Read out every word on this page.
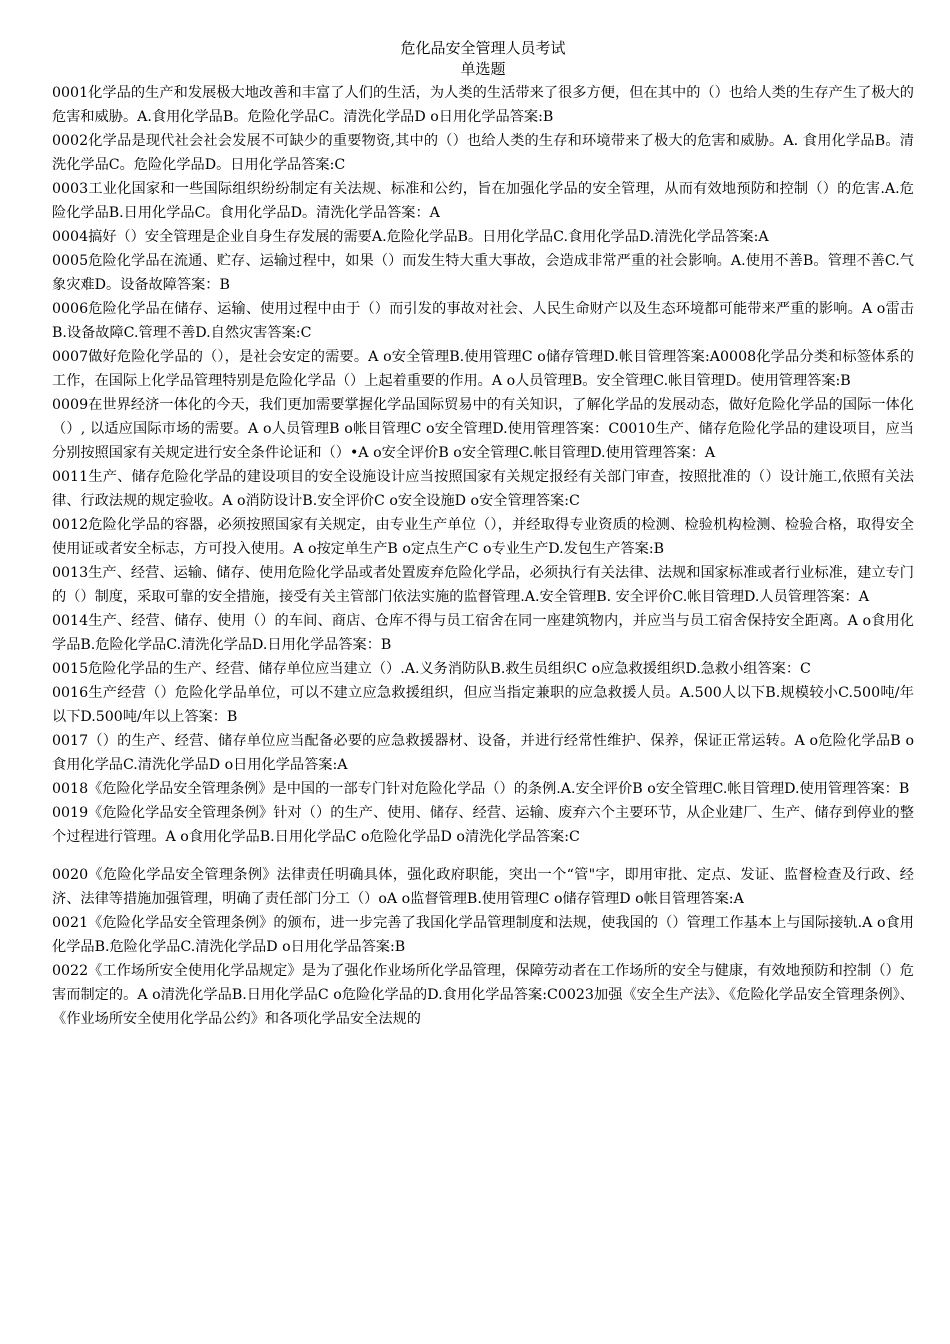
危化品安全管理人员考试

单选题

0001化学品的生产和发展极大地改善和丰富了人们的生活，为人类的生活带来了很多方便，但在其中的（）也给人类的生存产生了极大的危害和威胁。A.食用化学品B。危险化学品C。清洗化学品D o日用化学品答案:B

0002化学品是现代社会社会发展不可缺少的重要物资,其中的（）也给人类的生存和环境带来了极大的危害和威胁。A. 食用化学品B。清洗化学品C。危险化学品D。日用化学品答案:C

0003工业化国家和一些国际组织纷纷制定有关法规、标准和公约，旨在加强化学品的安全管理，从而有效地预防和控制（）的危害.A.危险化学品B.日用化学品C。食用化学品D。清洗化学品答案：A

0004搞好（）安全管理是企业自身生存发展的需要A.危险化学品B。日用化学品C.食用化学品D.清洗化学品答案:A

0005危险化学品在流通、贮存、运输过程中，如果（）而发生特大重大事故，会造成非常严重的社会影响。A.使用不善B。管理不善C.气象灾难D。设备故障答案：B

0006危险化学品在储存、运输、使用过程中由于（）而引发的事故对社会、人民生命财产以及生态环境都可能带来严重的影响。A o雷击B.设备故障C.管理不善D.自然灾害答案:C

0007做好危险化学品的（），是社会安定的需要。A o安全管理B.使用管理C o储存管理D.帐目管理答案:A0008化学品分类和标签体系的工作，在国际上化学品管理特别是危险化学品（）上起着重要的作用。A o人员管理B。安全管理C.帐目管理D。使用管理答案:B

0009在世界经济一体化的今天，我们更加需要掌握化学品国际贸易中的有关知识，了解化学品的发展动态，做好危险化学品的国际一体化（）, 以适应国际市场的需要。A o人员管理B o帐目管理C o安全管理D.使用管理答案：C0010生产、储存危险化学品的建设项目，应当分别按照国家有关规定进行安全条件论证和（）•A o安全评价B o安全管理C.帐目管理D.使用管理答案：A

0011生产、储存危险化学品的建设项目的安全设施设计应当按照国家有关规定报经有关部门审查，按照批准的（）设计施工,依照有关法律、行政法规的规定验收。A o消防设计B.安全评价C o安全设施D o安全管理答案:C

0012危险化学品的容器，必须按照国家有关规定，由专业生产单位（），并经取得专业资质的检测、检验机构检测、检验合格，取得安全使用证或者安全标志，方可投入使用。A o按定单生产B o定点生产C o专业生产D.发包生产答案:B

0013生产、经营、运输、储存、使用危险化学品或者处置废弃危险化学品，必须执行有关法律、法规和国家标准或者行业标准，建立专门的（）制度，采取可靠的安全措施，接受有关主管部门依法实施的监督管理.A.安全管理B. 安全评价C.帐目管理D.人员管理答案：A

0014生产、经营、储存、使用（）的车间、商店、仓库不得与员工宿舍在同一座建筑物内，并应当与员工宿舍保持安全距离。A o食用化学品B.危险化学品C.清洗化学品D.日用化学品答案：B

0015危险化学品的生产、经营、储存单位应当建立（）.A.义务消防队B.救生员组织C o应急救援组织D.急救小组答案：C

0016生产经营（）危险化学品单位，可以不建立应急救援组织，但应当指定兼职的应急救援人员。A.500人以下B.规模较小C.500吨/年以下D.500吨/年以上答案：B

0017（）的生产、经营、储存单位应当配备必要的应急救援器材、设备，并进行经常性维护、保养，保证正常运转。A o危险化学品B o食用化学品C.清洗化学品D o日用化学品答案:A

0018《危险化学品安全管理条例》是中国的一部专门针对危险化学品（）的条例.A.安全评价B o安全管理C.帐目管理D.使用管理答案：B

0019《危险化学品安全管理条例》针对（）的生产、使用、储存、经营、运输、废弃六个主要环节，从企业建厂、生产、储存到停业的整个过程进行管理。A o食用化学品B.日用化学品C o危险化学品D o清洗化学品答案:C

0020《危险化学品安全管理条例》法律责任明确具体，强化政府职能，突出一个“管"字，即用审批、定点、发证、监督检查及行政、经济、法律等措施加强管理，明确了责任部门分工（）oA o监督管理B.使用管理C o储存管理D o帐目管理答案:A

0021《危险化学品安全管理条例》的颁布，进一步完善了我国化学品管理制度和法规，使我国的（）管理工作基本上与国际接轨.A o食用化学品B.危险化学品C.清洗化学品D o日用化学品答案:B

0022《工作场所安全使用化学品规定》是为了强化作业场所化学品管理，保障劳动者在工作场所的安全与健康，有效地预防和控制（）危害而制定的。A o清洗化学品B.日用化学品C o危险化学品的D.食用化学品答案:C0023加强《安全生产法》、《危险化学品安全管理条例》、《作业场所安全使用化学品公约》和各项化学品安全法规的
